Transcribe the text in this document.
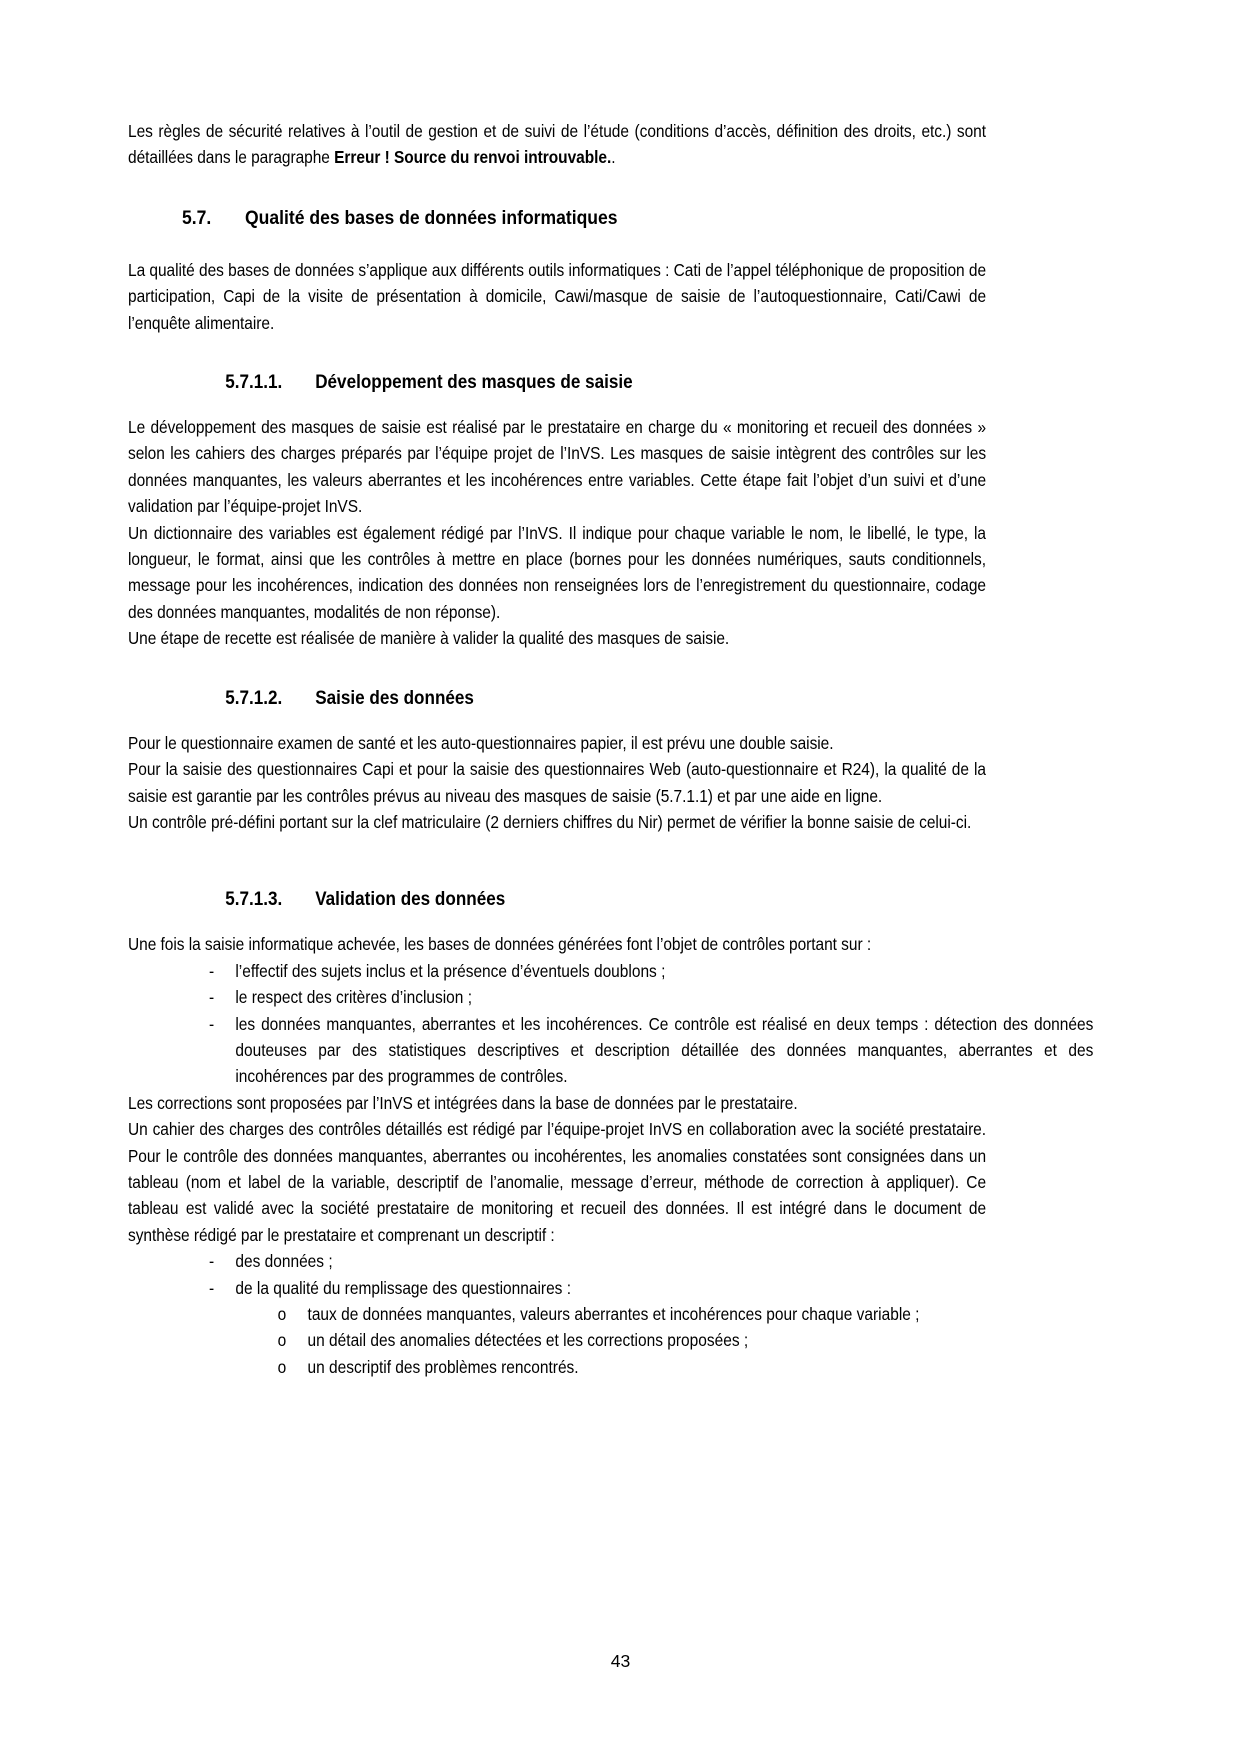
Les règles de sécurité relatives à l’outil de gestion et de suivi de l’étude (conditions d’accès, définition des droits, etc.) sont détaillées dans le paragraphe Erreur ! Source du renvoi introuvable..

5.7.	Qualité des bases de données informatiques

La qualité des bases de données s’applique aux différents outils informatiques : Cati de l’appel téléphonique de proposition de participation, Capi de la visite de présentation à domicile, Cawi/masque de saisie de l’autoquestionnaire, Cati/Cawi de l’enquête alimentaire.

5.7.1.1.	Développement des masques de saisie

Le développement des masques de saisie est réalisé par le prestataire en charge du « monitoring et recueil des données » selon les cahiers des charges préparés par l’équipe projet de l’InVS. Les masques de saisie intègrent des contrôles sur les données manquantes, les valeurs aberrantes et les incohérences entre variables. Cette étape fait l’objet d’un suivi et d’une validation par l’équipe-projet InVS.

Un dictionnaire des variables est également rédigé par l’InVS. Il indique pour chaque variable le nom, le libellé, le type, la longueur, le format, ainsi que les contrôles à mettre en place (bornes pour les données numériques, sauts conditionnels, message pour les incohérences, indication des données non renseignées lors de l’enregistrement du questionnaire, codage des données manquantes, modalités de non réponse).

Une étape de recette est réalisée de manière à valider la qualité des masques de saisie.

5.7.1.2.	Saisie des données

Pour le questionnaire examen de santé et les auto-questionnaires papier, il est prévu une double saisie.

Pour la saisie des questionnaires Capi et pour la saisie des questionnaires Web (auto-questionnaire et R24), la qualité de la saisie est garantie par les contrôles prévus au niveau des masques de saisie (5.7.1.1) et par une aide en ligne.

Un contrôle pré-défini portant sur la clef matriculaire (2 derniers chiffres du Nir) permet de vérifier la bonne saisie de celui-ci.

5.7.1.3.	Validation des données

Une fois la saisie informatique achevée, les bases de données générées font l’objet de contrôles portant sur :

- l’effectif des sujets inclus et la présence d’éventuels doublons ;
- le respect des critères d’inclusion ;
- les données manquantes, aberrantes et les incohérences. Ce contrôle est réalisé en deux temps : détection des données douteuses par des statistiques descriptives et description détaillée des données manquantes, aberrantes et des incohérences par des programmes de contrôles.

Les corrections sont proposées par l’InVS et intégrées dans la base de données par le prestataire.

Un cahier des charges des contrôles détaillés est rédigé par l’équipe-projet InVS en collaboration avec la société prestataire. Pour le contrôle des données manquantes, aberrantes ou incohérentes, les anomalies constatées sont consignées dans un tableau (nom et label de la variable, descriptif de l’anomalie, message d’erreur, méthode de correction à appliquer). Ce tableau est validé avec la société prestataire de monitoring et recueil des données. Il est intégré dans le document de synthèse rédigé par le prestataire et comprenant un descriptif :

- des données ;
- de la qualité du remplissage des questionnaires :
o taux de données manquantes, valeurs aberrantes et incohérences pour chaque variable ;
o un détail des anomalies détectées et les corrections proposées ;
o un descriptif des problèmes rencontrés.
43
